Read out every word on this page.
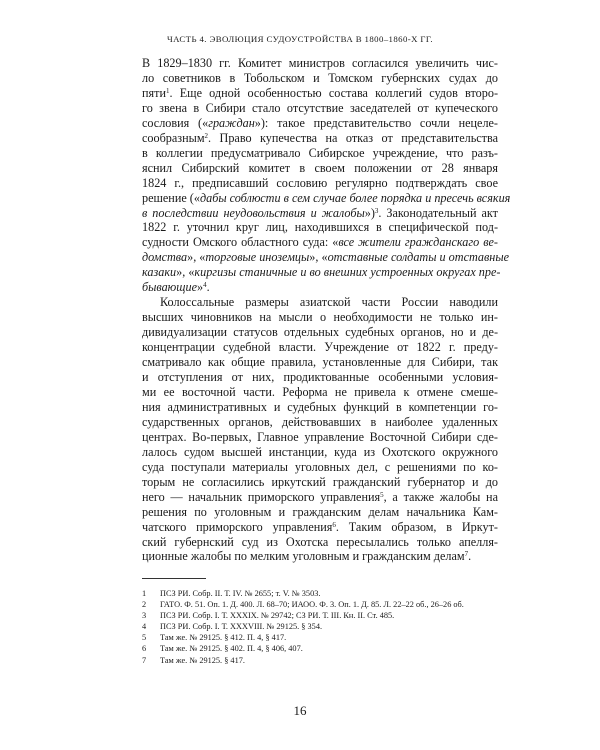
ЧАСТЬ 4. ЭВОЛЮЦИЯ СУДОУСТРОЙСТВА В 1800–1860-Х ГГ.
В 1829–1830 гг. Комитет министров согласился увеличить чис-
ло советников в Тобольском и Томском губернских судах до
пяти$^1$. Еще одной особенностью состава коллегий судов второ-
го звена в Сибири стало отсутствие заседателей от купеческого
сословия («граждан»): такое представительство сочли нецеле-
сообразным$^2$. Право купечества на отказ от представительства
в коллегии предусматривало Сибирское учреждение, что разъ-
яснил Сибирский комитет в своем положении от 28 января
1824 г., предписавший сословию регулярно подтверждать свое
решение («дабы соблюсти в сем случае более порядка и пресечь всякия
в последствии неудовольствия и жалобы»)$^3$. Законодательный акт
1822 г. уточнил круг лиц, находившихся в специфической под-
судности Омского областного суда: «все жители гражданскаго ве-
домства», «торговые иноземцы», «отставные солдаты и отставные
казаки», «киргизы станичные и во внешних устроенных округах пре-
бывающие»$^4$.
Колоссальные размеры азиатской части России наводили
высших чиновников на мысли о необходимости не только ин-
дивидуализации статусов отдельных судебных органов, но и де-
концентрации судебной власти. Учреждение от 1822 г. преду-
сматривало как общие правила, установленные для Сибири, так
и отступления от них, продиктованные особенными условия-
ми ее восточной части. Реформа не привела к отмене смеше-
ния административных и судебных функций в компетенции го-
сударственных органов, действовавших в наиболее удаленных
центрах. Во-первых, Главное управление Восточной Сибири сде-
лалось судом высшей инстанции, куда из Охотского окружного
суда поступали материалы уголовных дел, с решениями по ко-
торым не согласились иркутский гражданский губернатор и до
него — начальник приморского управления$^5$, а также жалобы на
решения по уголовным и гражданским делам начальника Кам-
чатского приморского управления$^6$. Таким образом, в Иркут-
ский губернский суд из Охотска пересылались только апелля-
ционные жалобы по мелким уголовным и гражданским делам$^7$.
1	ПСЗ РИ. Собр. II. Т. IV. № 2655; т. V. № 3503.
2	ГАТО. Ф. 51. Оп. 1. Д. 400. Л. 68–70; ИАОО. Ф. 3. Оп. 1. Д. 85. Л. 22–22 об., 26–26 об.
3	ПСЗ РИ. Собр. I. Т. XXXIX. № 29742; СЗ РИ. Т. III. Кн. II. Ст. 485.
4	ПСЗ РИ. Собр. I. Т. XXXVIII. № 29125. § 354.
5	Там же. № 29125. § 412. П. 4, § 417.
6	Там же. № 29125. § 402. П. 4, § 406, 407.
7	Там же. № 29125. § 417.
16
